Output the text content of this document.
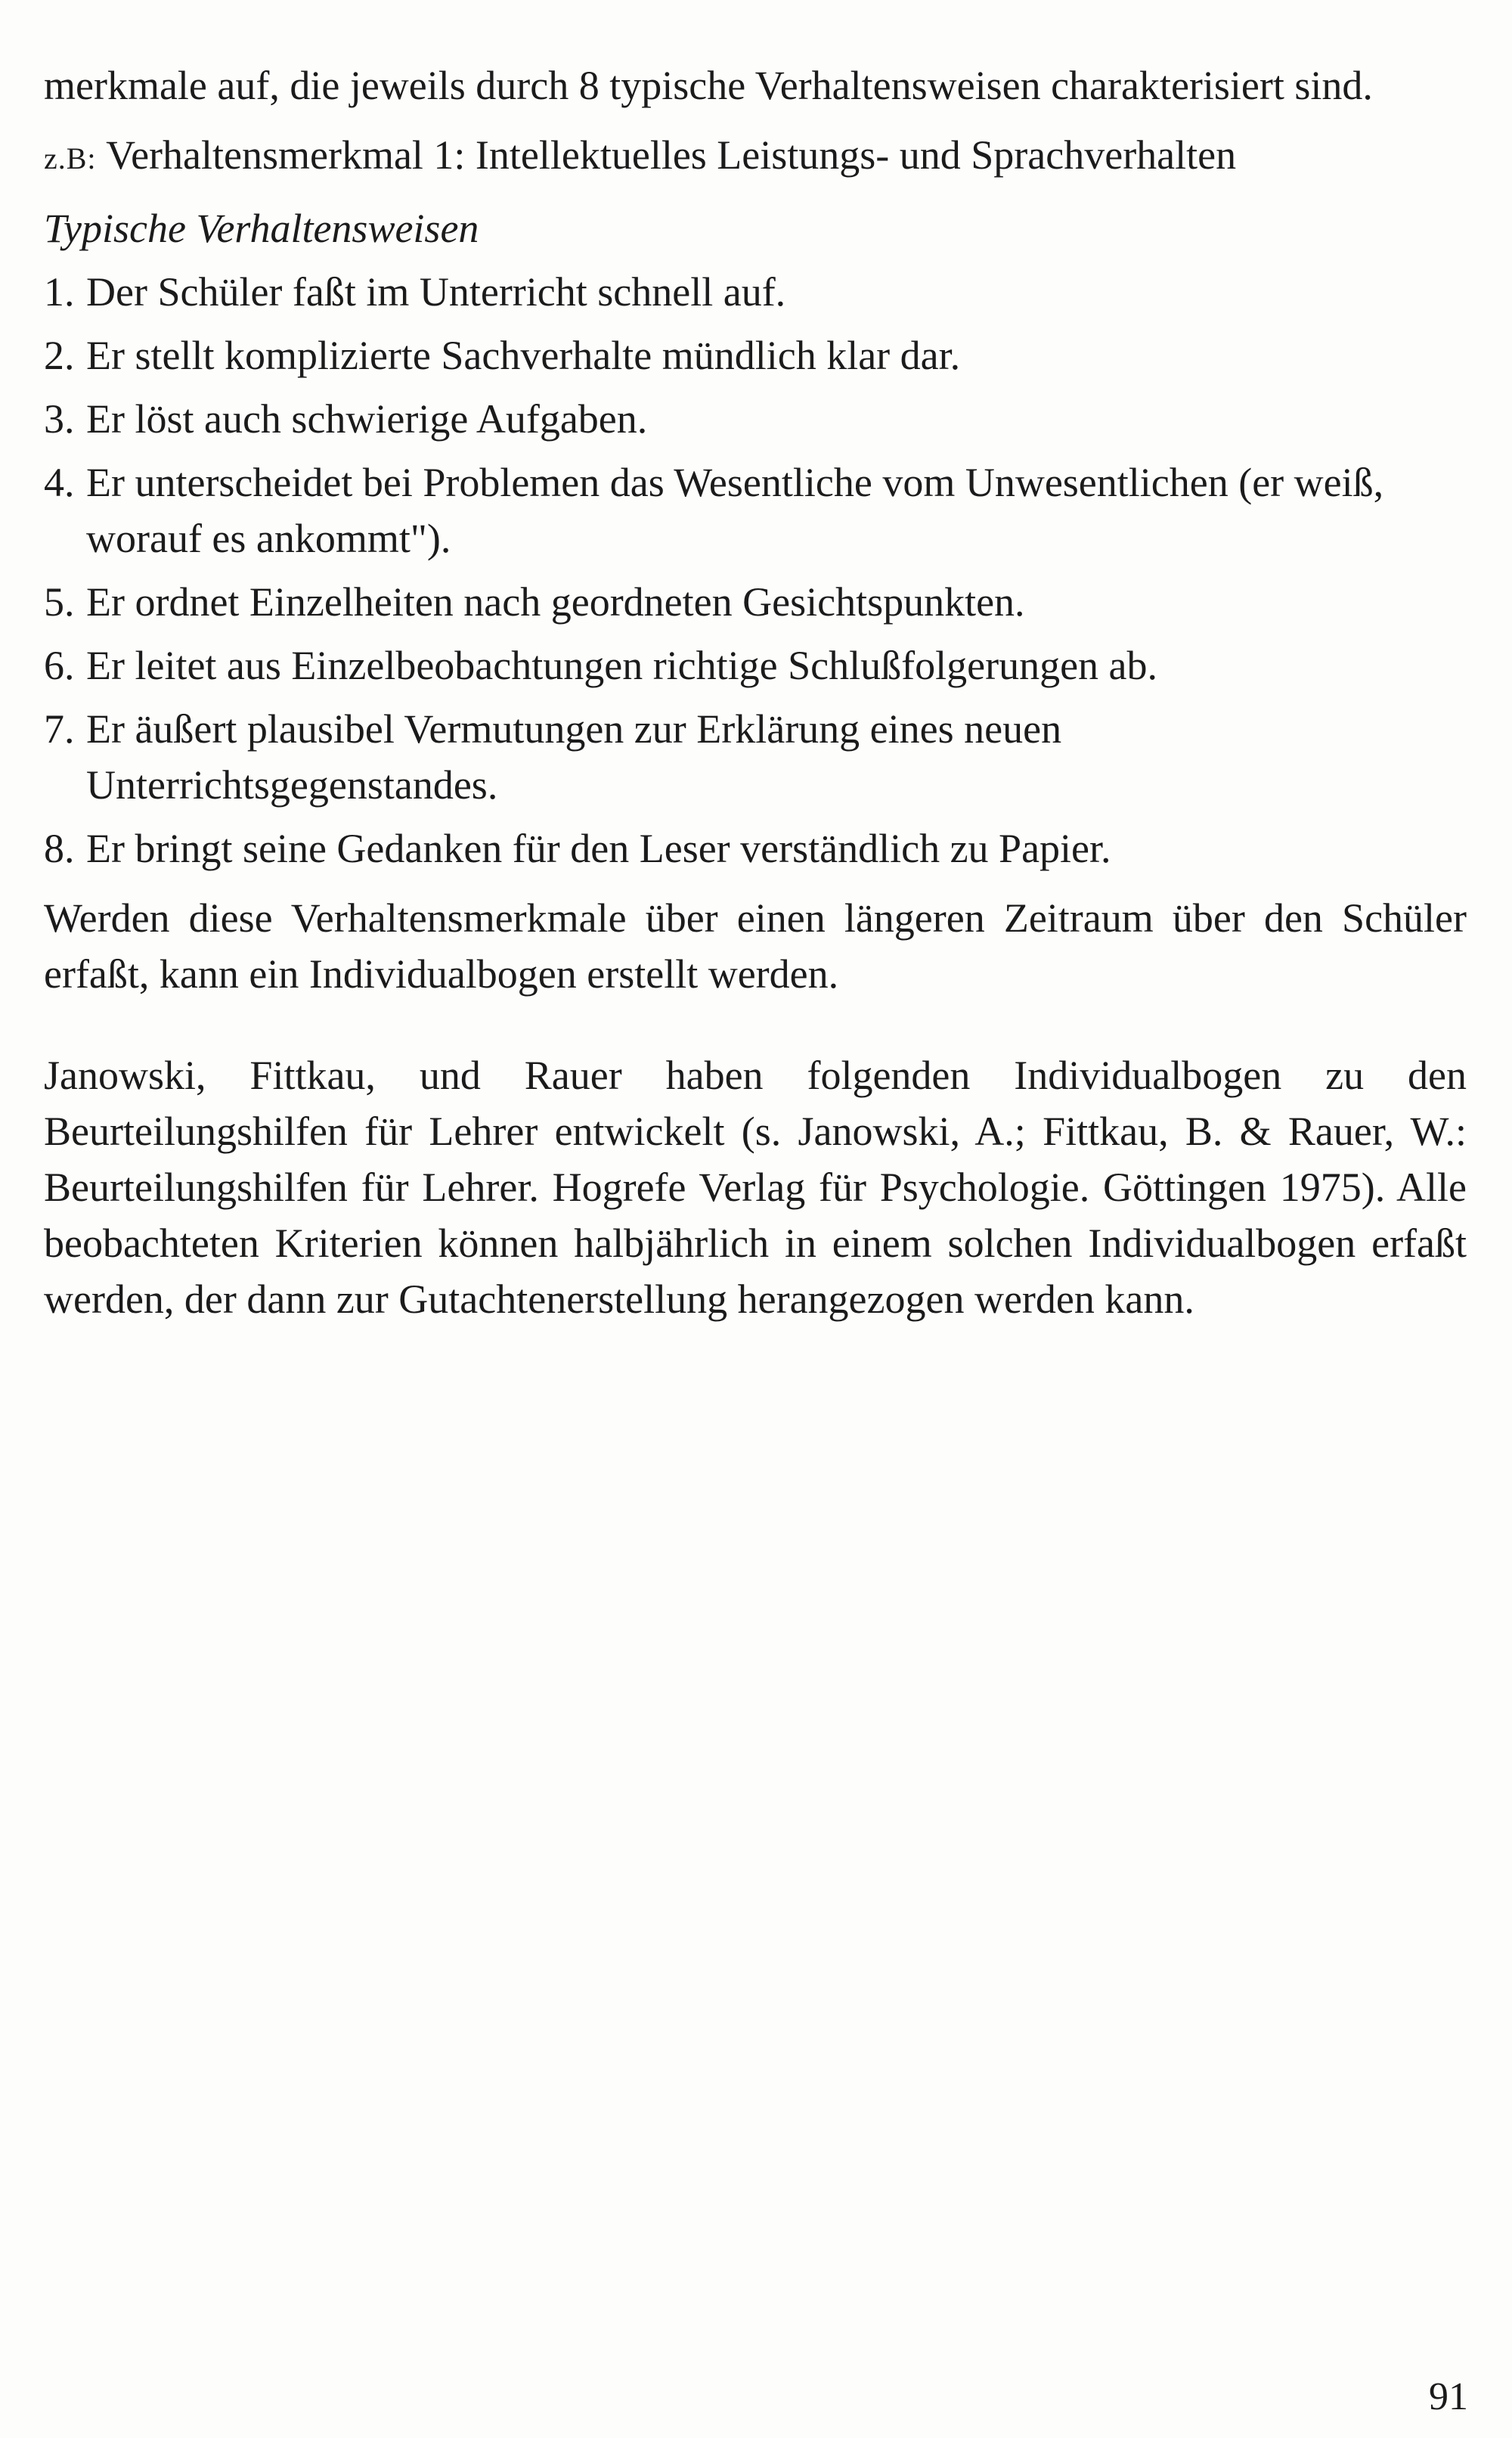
merkmale auf, die jeweils durch 8 typische Verhaltensweisen charakterisiert sind.

z.B: Verhaltensmerkmal 1: Intellektuelles Leistungs- und Sprachverhalten

Typische Verhaltensweisen

1. Der Schüler faßt im Unterricht schnell auf.
2. Er stellt komplizierte Sachverhalte mündlich klar dar.
3. Er löst auch schwierige Aufgaben.
4. Er unterscheidet bei Problemen das Wesentliche vom Unwesentlichen (er weiß, worauf es ankommt").
5. Er ordnet Einzelheiten nach geordneten Gesichtspunkten.
6. Er leitet aus Einzelbeobachtungen richtige Schlußfolgerungen ab.
7. Er äußert plausibel Vermutungen zur Erklärung eines neuen Unterrichtsgegenstandes.
8. Er bringt seine Gedanken für den Leser verständlich zu Papier.

Werden diese Verhaltensmerkmale über einen längeren Zeitraum über den Schüler erfaßt, kann ein Individualbogen erstellt werden.

Janowski, Fittkau, und Rauer haben folgenden Individualbogen zu den Beurteilungshilfen für Lehrer entwickelt (s. Janowski, A.; Fittkau, B. & Rauer, W.: Beurteilungshilfen für Lehrer. Hogrefe Verlag für Psychologie. Göttingen 1975). Alle beobachteten Kriterien können halbjährlich in einem solchen Individualbogen erfaßt werden, der dann zur Gutachtenerstellung herangezogen werden kann.

91
